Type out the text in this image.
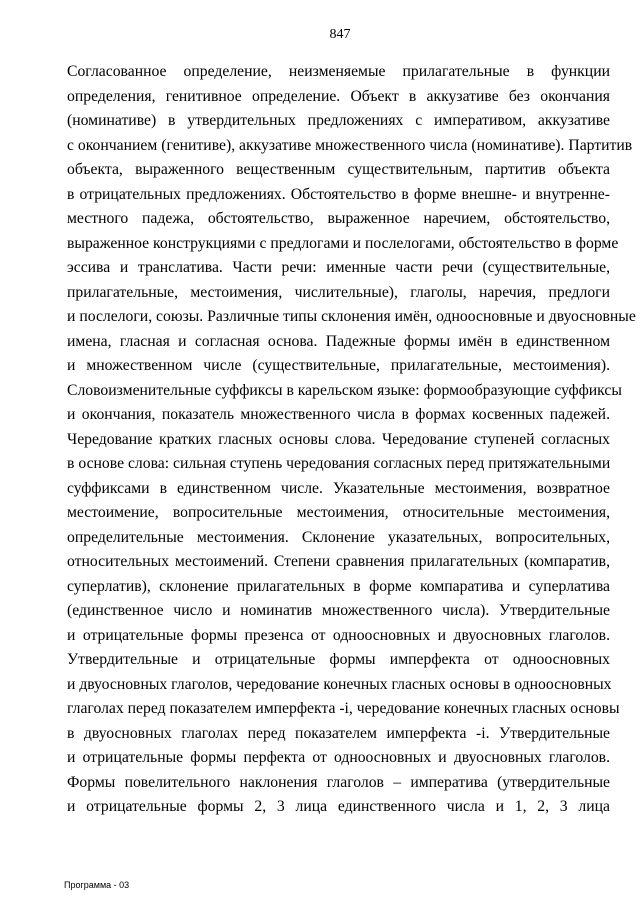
847
Согласованное определение, неизменяемые прилагательные в функции
определения, генитивное определение. Объект в аккузативе без окончания
(номинативе) в утвердительных предложениях с императивом, аккузативе
с окончанием (генитиве), аккузативе множественного числа (номинативе). Партитив
объекта, выраженного вещественным существительным, партитив объекта
в отрицательных предложениях. Обстоятельство в форме внешне- и внутренне-
местного падежа, обстоятельство, выраженное наречием, обстоятельство,
выраженное конструкциями с предлогами и послелогами, обстоятельство в форме
эссива и транслатива. Части речи: именные части речи (существительные,
прилагательные, местоимения, числительные), глаголы, наречия, предлоги
и послелоги, союзы. Различные типы склонения имён, одноосновные и двуосновные
имена, гласная и согласная основа. Падежные формы имён в единственном
и множественном числе (существительные, прилагательные, местоимения).
Словоизменительные суффиксы в карельском языке: формообразующие суффиксы
и окончания, показатель множественного числа в формах косвенных падежей.
Чередование кратких гласных основы слова. Чередование ступеней согласных
в основе слова: сильная ступень чередования согласных перед притяжательными
суффиксами в единственном числе. Указательные местоимения, возвратное
местоимение, вопросительные местоимения, относительные местоимения,
определительные местоимения. Склонение указательных, вопросительных,
относительных местоимений. Степени сравнения прилагательных (компаратив,
суперлатив), склонение прилагательных в форме компаратива и суперлатива
(единственное число и номинатив множественного числа). Утвердительные
и отрицательные формы презенса от одноосновных и двуосновных глаголов.
Утвердительные и отрицательные формы имперфекта от одноосновных
и двуосновных глаголов, чередование конечных гласных основы в одноосновных
глаголах перед показателем имперфекта -i, чередование конечных гласных основы
в двуосновных глаголах перед показателем имперфекта -i. Утвердительные
и отрицательные формы перфекта от одноосновных и двуосновных глаголов.
Формы повелительного наклонения глаголов – императива (утвердительные
и отрицательные формы 2, 3 лица единственного числа и 1, 2, 3 лица
Программа - 03
